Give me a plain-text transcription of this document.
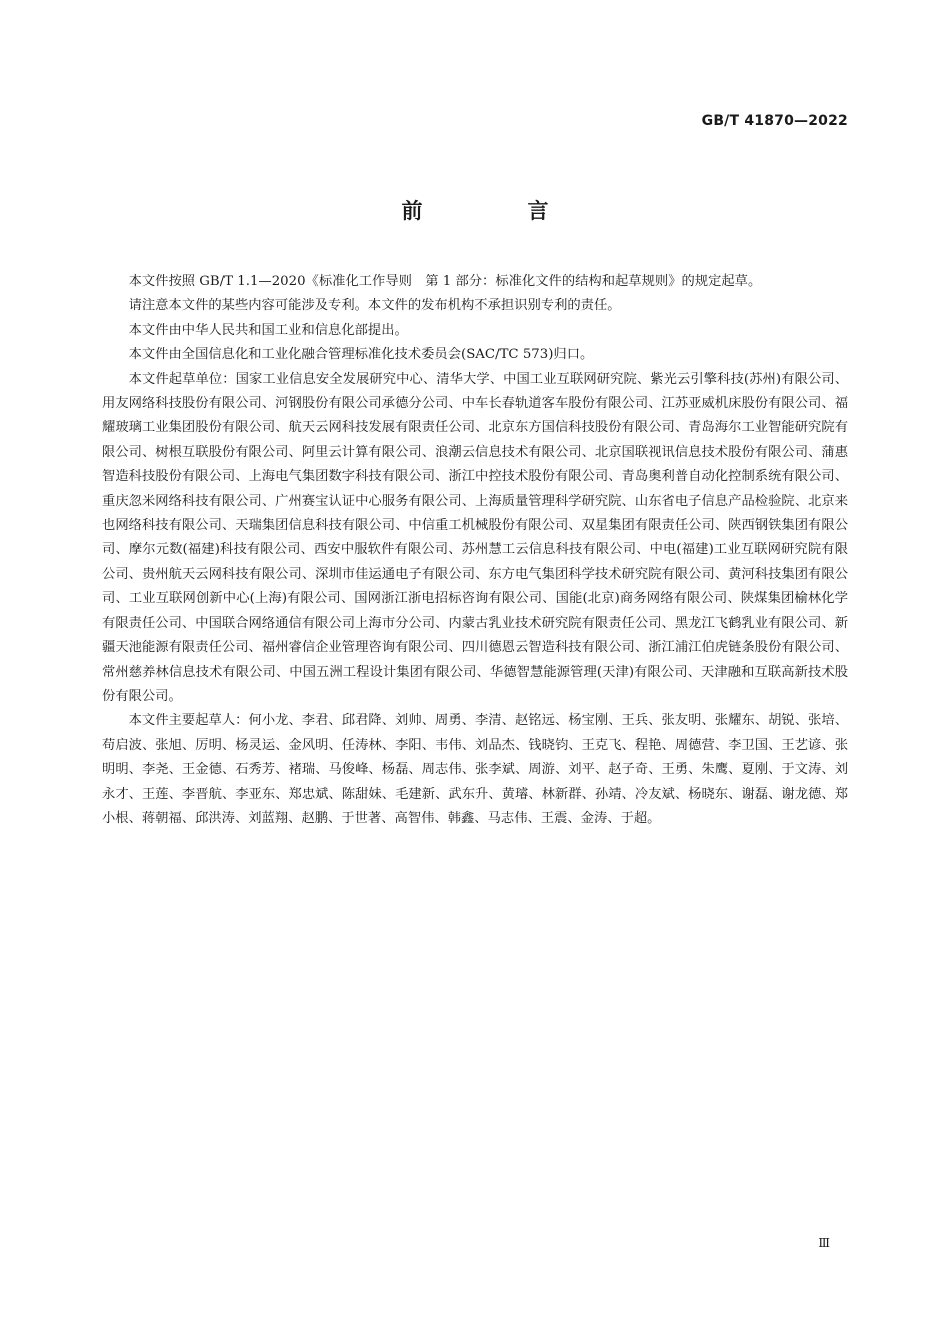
GB/T 41870—2022
前　言

本文件按照 GB/T 1.1—2020《标准化工作导则　第 1 部分：标准化文件的结构和起草规则》的规定起草。

请注意本文件的某些内容可能涉及专利。本文件的发布机构不承担识别专利的责任。

本文件由中华人民共和国工业和信息化部提出。

本文件由全国信息化和工业化融合管理标准化技术委员会(SAC/TC 573)归口。

本文件起草单位：国家工业信息安全发展研究中心、清华大学、中国工业互联网研究院、紫光云引擎科技(苏州)有限公司、用友网络科技股份有限公司、河钢股份有限公司承德分公司、中车长春轨道客车股份有限公司、江苏亚威机床股份有限公司、福耀玻璃工业集团股份有限公司、航天云网科技发展有限责任公司、北京东方国信科技股份有限公司、青岛海尔工业智能研究院有限公司、树根互联股份有限公司、阿里云计算有限公司、浪潮云信息技术有限公司、北京国联视讯信息技术股份有限公司、蒲惠智造科技股份有限公司、上海电气集团数字科技有限公司、浙江中控技术股份有限公司、青岛奥利普自动化控制系统有限公司、重庆忽米网络科技有限公司、广州赛宝认证中心服务有限公司、上海质量管理科学研究院、山东省电子信息产品检验院、北京来也网络科技有限公司、天瑞集团信息科技有限公司、中信重工机械股份有限公司、双星集团有限责任公司、陕西钢铁集团有限公司、摩尔元数(福建)科技有限公司、西安中服软件有限公司、苏州慧工云信息科技有限公司、中电(福建)工业互联网研究院有限公司、贵州航天云网科技有限公司、深圳市佳运通电子有限公司、东方电气集团科学技术研究院有限公司、黄河科技集团有限公司、工业互联网创新中心(上海)有限公司、国网浙江浙电招标咨询有限公司、国能(北京)商务网络有限公司、陕煤集团榆林化学有限责任公司、中国联合网络通信有限公司上海市分公司、内蒙古乳业技术研究院有限责任公司、黑龙江飞鹤乳业有限公司、新疆天池能源有限责任公司、福州睿信企业管理咨询有限公司、四川德恩云智造科技有限公司、浙江浦江伯虎链条股份有限公司、常州慈养林信息技术有限公司、中国五洲工程设计集团有限公司、华德智慧能源管理(天津)有限公司、天津融和互联高新技术股份有限公司。

本文件主要起草人：何小龙、李君、邱君降、刘帅、周勇、李清、赵铭远、杨宝刚、王兵、张友明、张耀东、胡锐、张培、苟启波、张旭、厉明、杨灵运、金风明、任涛林、李阳、韦伟、刘品杰、钱晓钧、王克飞、程艳、周德营、李卫国、王艺谚、张明明、李尧、王金德、石秀芳、褚瑞、马俊峰、杨磊、周志伟、张李斌、周游、刘平、赵子奇、王勇、朱鹰、夏刚、于文涛、刘永才、王莲、李晋航、李亚东、郑忠斌、陈甜妹、毛建新、武东升、黄璿、林新群、孙靖、冷友斌、杨晓东、谢磊、谢龙德、郑小根、蒋朝福、邱洪涛、刘蓝翔、赵鹏、于世著、高智伟、韩鑫、马志伟、王震、金涛、于超。

Ⅲ
